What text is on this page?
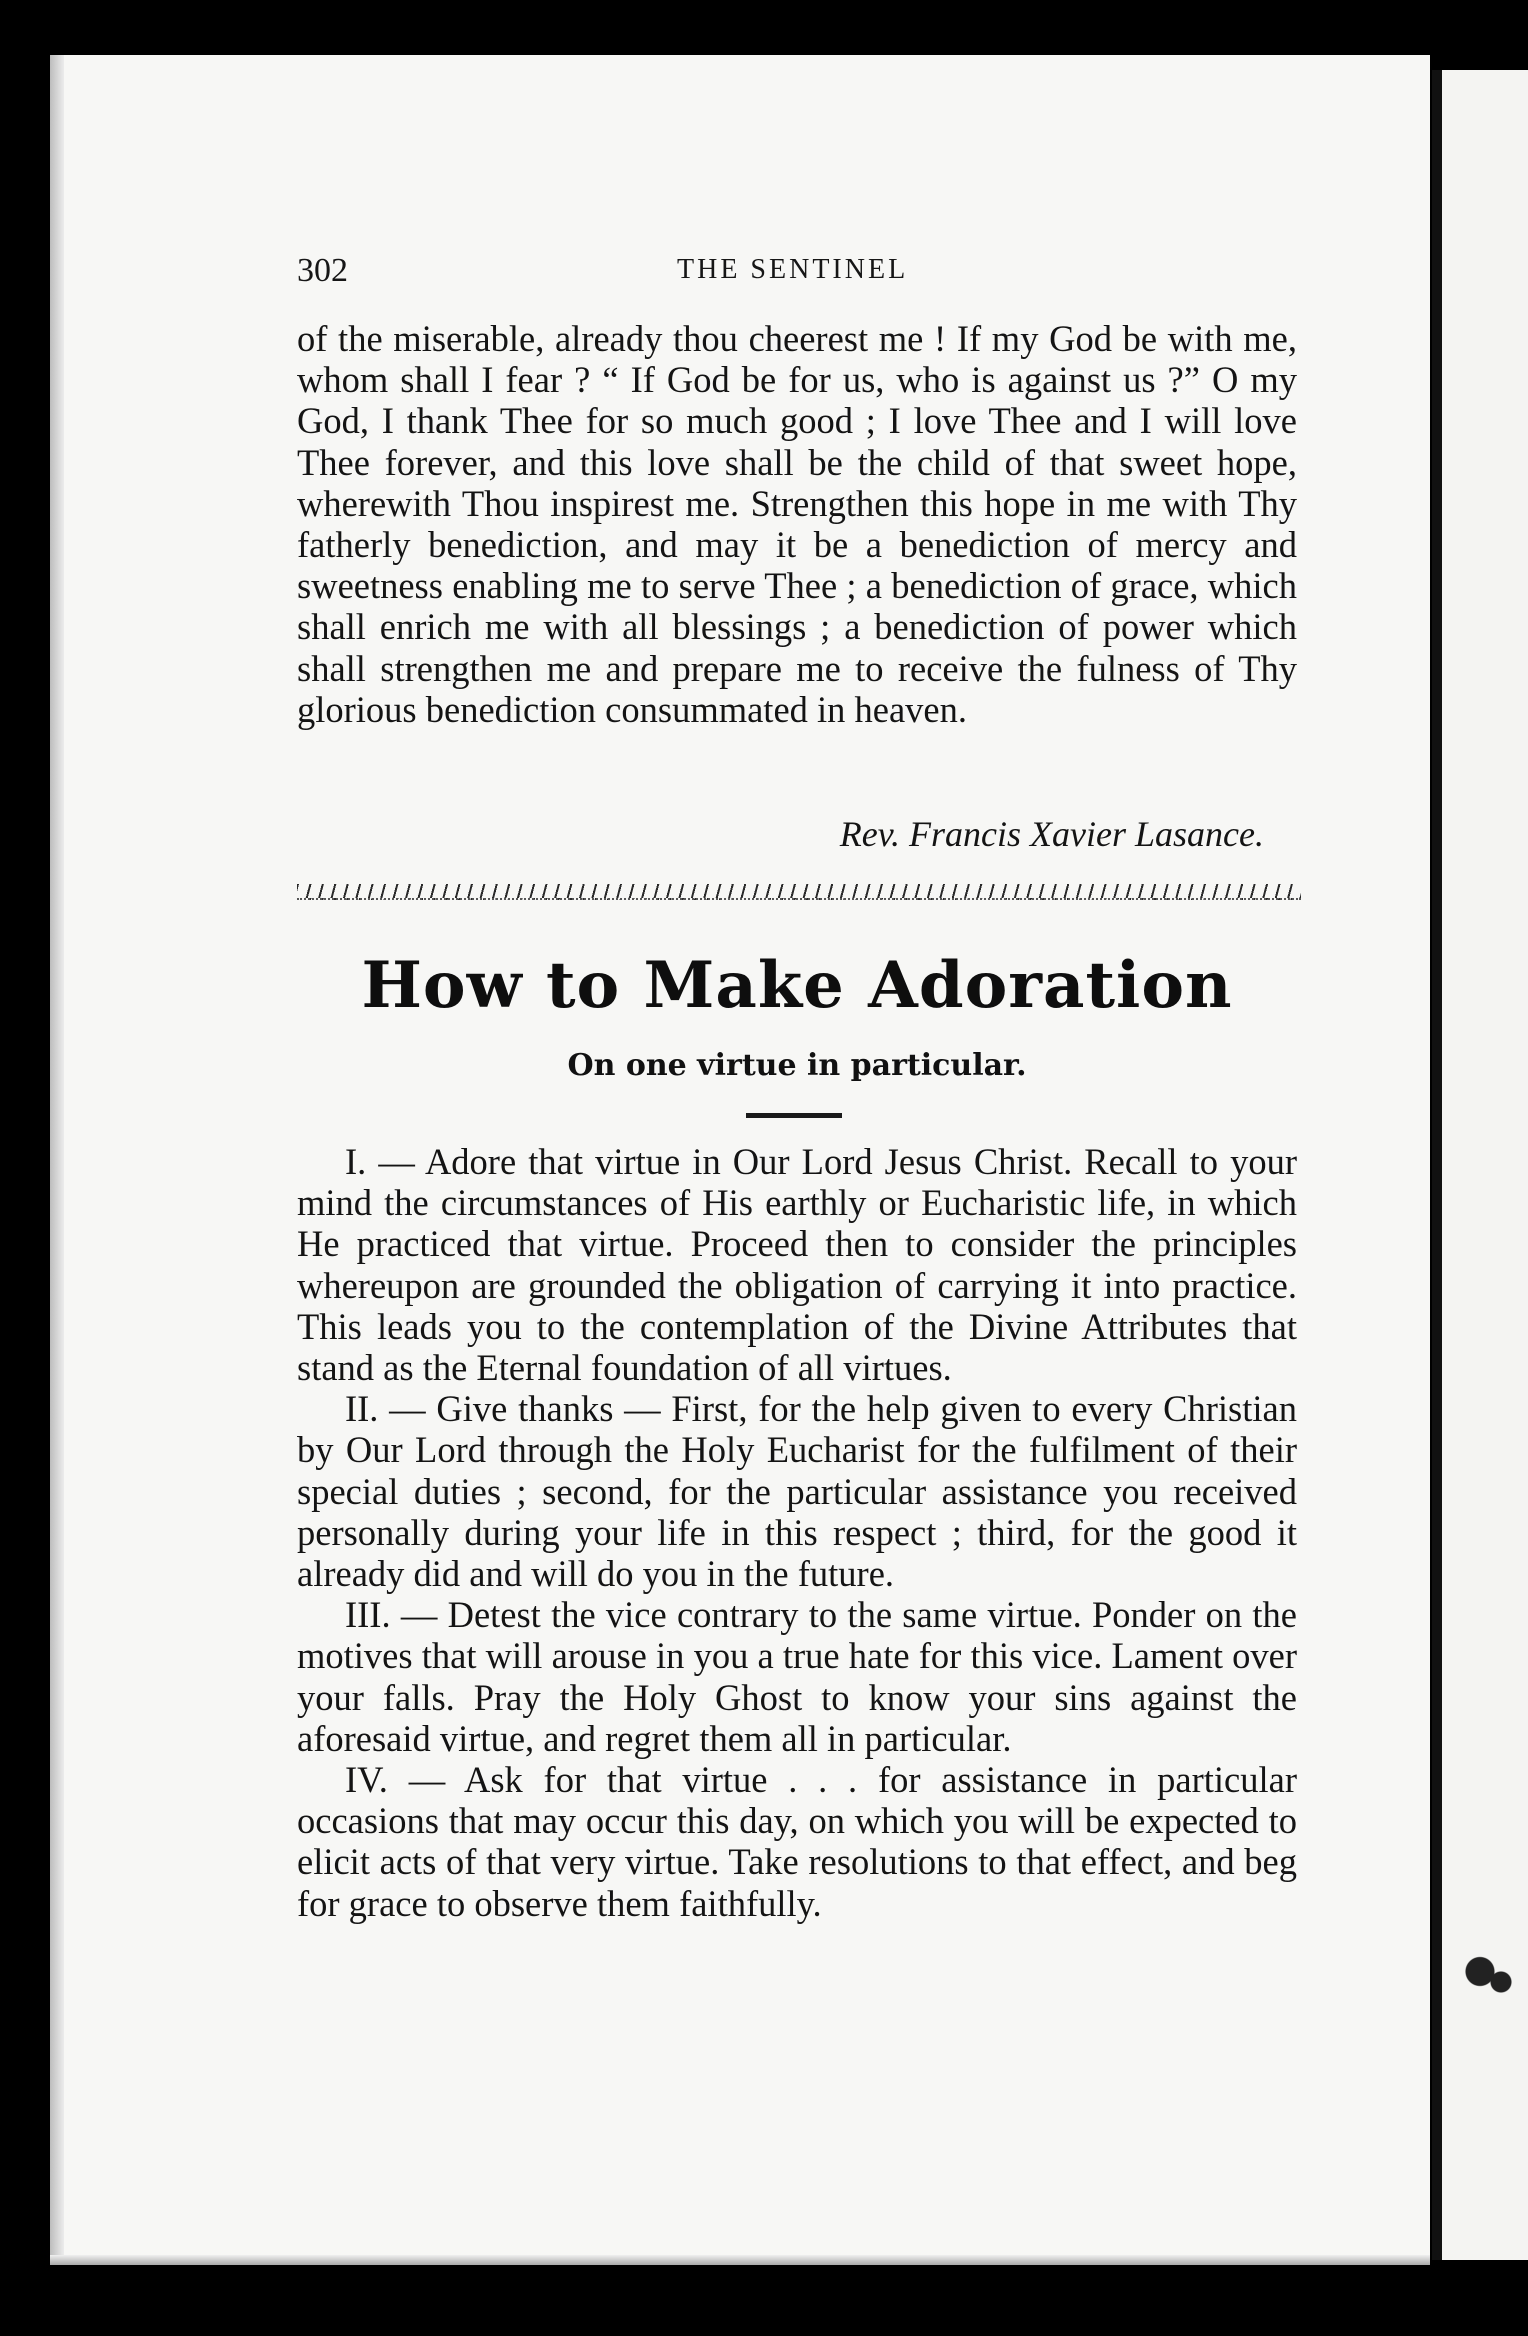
302	THE SENTINEL

of the miserable, already thou cheerest me ! If my God be with me, whom shall I fear ? “ If God be for us, who is against us ?” O my God, I thank Thee for so much good ; I love Thee and I will love Thee forever, and this love shall be the child of that sweet hope, wherewith Thou inspirest me. Strengthen this hope in me with Thy fatherly benediction, and may it be a benediction of mercy and sweetness enabling me to serve Thee ; a benediction of grace, which shall enrich me with all blessings ; a benediction of power which shall strengthen me and prepare me to receive the fulness of Thy glorious benediction consummated in heaven.

Rev. Francis Xavier Lasance.
How to Make Adoration
On one virtue in particular.

I. — Adore that virtue in Our Lord Jesus Christ. Recall to your mind the circumstances of His earthly or Eucharistic life, in which He practiced that virtue. Proceed then to consider the principles whereupon are grounded the obligation of carrying it into practice. This leads you to the contemplation of the Divine Attributes that stand as the Eternal foundation of all virtues.

II. — Give thanks — First, for the help given to every Christian by Our Lord through the Holy Eucharist for the fulfilment of their special duties ; second, for the particular assistance you received personally during your life in this respect ; third, for the good it already did and will do you in the future.

III. — Detest the vice contrary to the same virtue. Ponder on the motives that will arouse in you a true hate for this vice. Lament over your falls. Pray the Holy Ghost to know your sins against the aforesaid virtue, and regret them all in particular.

IV. — Ask for that virtue . . . for assistance in particular occasions that may occur this day, on which you will be expected to elicit acts of that very virtue. Take resolutions to that effect, and beg for grace to observe them faithfully.
